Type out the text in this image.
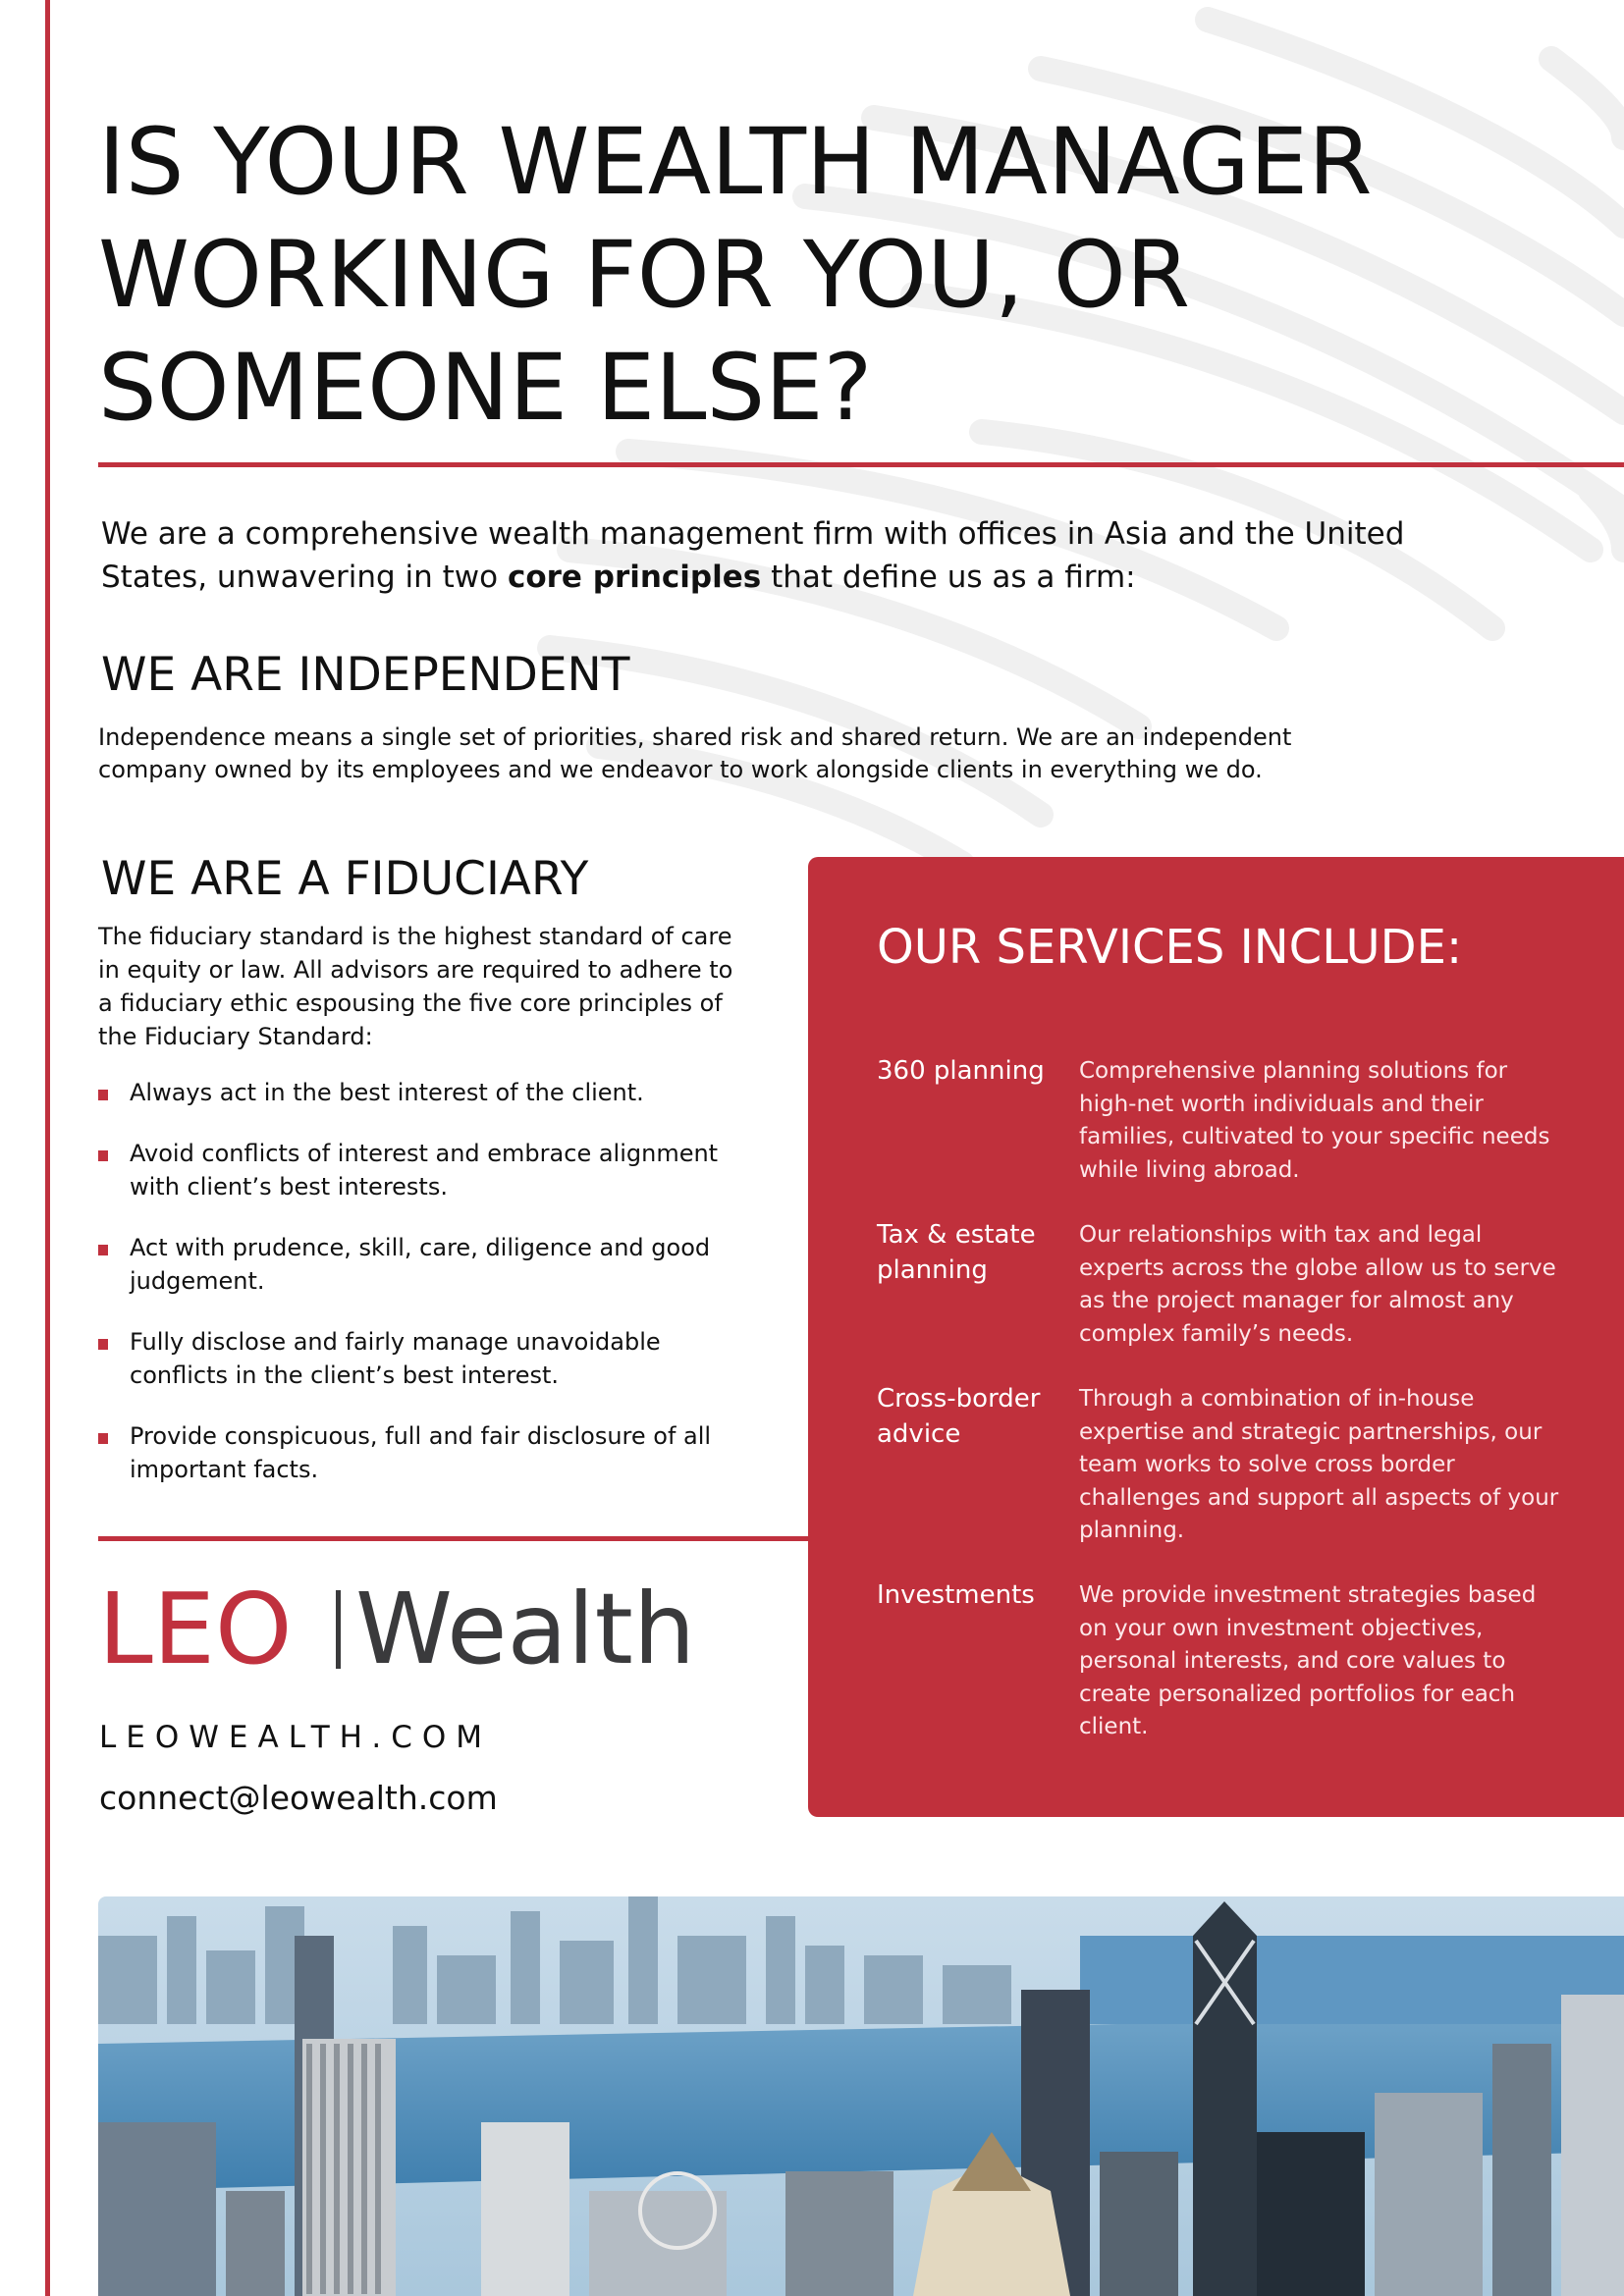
IS YOUR WEALTH MANAGER
WORKING FOR YOU, OR
SOMEONE ELSE?

We are a comprehensive wealth management firm with offices in Asia and the United States, unwavering in two core principles that define us as a firm:

WE ARE INDEPENDENT

Independence means a single set of priorities, shared risk and shared return. We are an independent company owned by its employees and we endeavor to work alongside clients in everything we do.

WE ARE A FIDUCIARY

The fiduciary standard is the highest standard of care in equity or law. All advisors are required to adhere to a fiduciary ethic espousing the five core principles of the Fiduciary Standard:

Always act in the best interest of the client.
Avoid conflicts of interest and embrace alignment with client’s best interests.
Act with prudence, skill, care, diligence and good judgement.
Fully disclose and fairly manage unavoidable conflicts in the client’s best interest.
Provide conspicuous, full and fair disclosure of all important facts.
LEO Wealth

LEOWEALTH.COM

connect@leowealth.com

OUR SERVICES INCLUDE:
360 planning	Comprehensive planning solutions for high-net worth individuals and their families, cultivated to your specific needs while living abroad.
Tax & estate planning
Our relationships with tax and legal experts across the globe allow us to serve as the project manager for almost any complex family’s needs.
Cross-border advice
Through a combination of in-house expertise and strategic partnerships, our team works to solve cross border challenges and support all aspects of your planning.
Investments	We provide investment strategies based on your own investment objectives, personal interests, and core values to create personalized portfolios for each client.
